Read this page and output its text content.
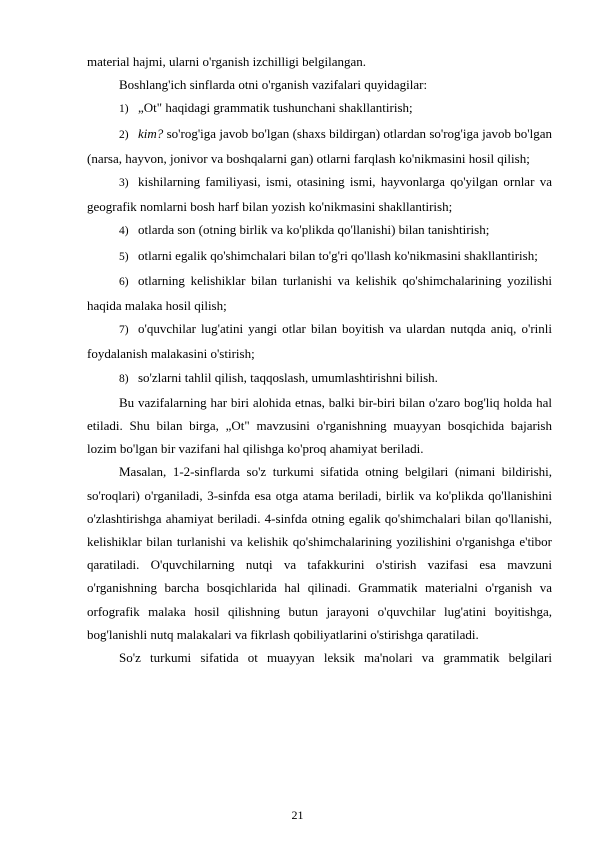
material hajmi, ularni o'rganish izchilligi belgilangan.

Boshlang'ich sinflarda otni o'rganish vazifalari quyidagilar:

1) „Ot" haqidagi grammatik tushunchani shakllantirish;

2) kim? so'rog'iga javob bo'lgan (shaxs bildirgan) otlardan so'rog'iga javob bo'lgan (narsa, hayvon, jonivor va boshqalarni gan) otlarni farqlash ko'nikmasini hosil qilish;

3) kishilarning familiyasi, ismi, otasining ismi, hayvonlarga qo'yilgan ornlar va geografik nomlarni bosh harf bilan yozish ko'nikmasini shakllantirish;

4) otlarda son (otning birlik va ko'plikda qo'llanishi) bilan tanishtirish;

5) otlarni egalik qo'shimchalari bilan to'g'ri qo'llash ko'nikmasini shakllantirish;

6) otlarning kelishiklar bilan turlanishi va kelishik qo'shimchalarining yozilishi haqida malaka hosil qilish;

7) o'quvchilar lug'atini yangi otlar bilan boyitish va ulardan nutqda aniq, o'rinli foydalanish malakasini o'stirish;

8) so'zlarni tahlil qilish, taqqoslash, umumlashtirishni bilish.

Bu vazifalarning har biri alohida etnas, balki bir-biri bilan o'zaro bog'liq holda hal etiladi. Shu bilan birga, „Ot" mavzusini o'rganishning muayyan bosqichida bajarish lozim bo'lgan bir vazifani hal qilishga ko'proq ahamiyat beriladi.

Masalan, 1-2-sinflarda so'z turkumi sifatida otning belgilari (nimani bildirishi, so'roqlari) o'rganiladi, 3-sinfda esa otga atama beriladi, birlik va ko'plikda qo'llanishini o'zlashtirishga ahamiyat beriladi. 4-sinfda otning egalik qo'shimchalari bilan qo'llanishi, kelishiklar bilan turlanishi va kelishik qo'shimchalarining yozilishini o'rganishga e'tibor qaratiladi. O'quvchilarning nutqi va tafakkurini o'stirish vazifasi esa mavzuni o'rganishning barcha bosqichlarida hal qilinadi. Grammatik materialni o'rganish va orfografik malaka hosil qilishning butun jarayoni o'quvchilar lug'atini boyitishga, bog'lanishli nutq malakalari va fikrlash qobiliyatlarini o'stirishga qaratiladi.

So'z turkumi sifatida ot muayyan leksik ma'nolari va grammatik belgilari

21
